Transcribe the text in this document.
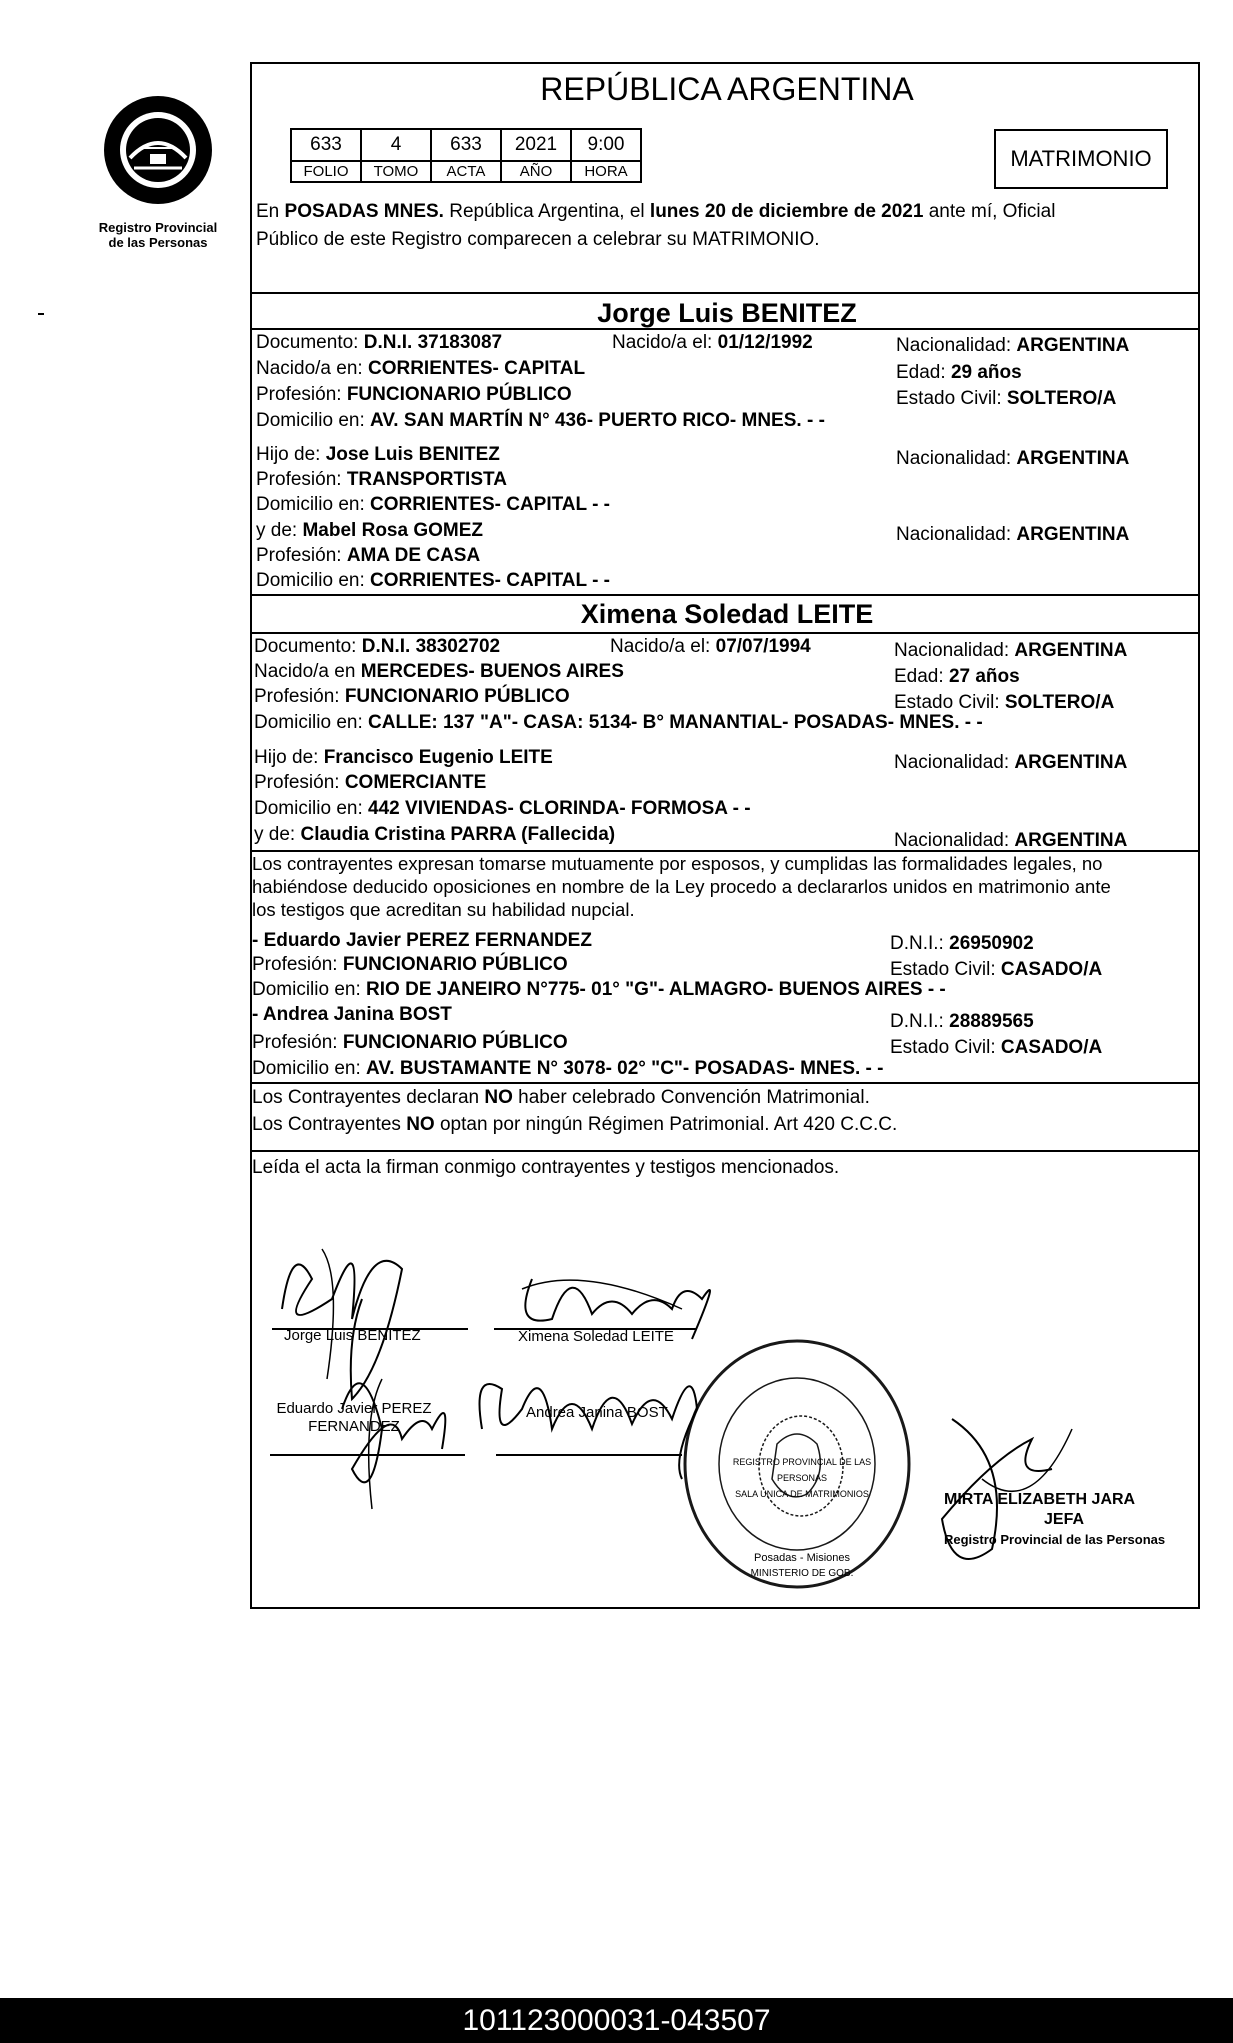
Registro Provincial
de las Personas
REPÚBLICA ARGENTINA
633	4	633	2021	9:00
FOLIO	TOMO	ACTA	AÑO	HORA
MATRIMONIO
En POSADAS MNES. República Argentina, el lunes 20 de diciembre de 2021 ante mí, Oficial
Público de este Registro comparecen a celebrar su MATRIMONIO.
Jorge Luis BENITEZ
Documento: D.N.I. 37183087	Nacido/a el: 01/12/1992	Nacionalidad: ARGENTINA
Nacido/a en: CORRIENTES- CAPITAL	Edad: 29 años
Profesión: FUNCIONARIO PÚBLICO	Estado Civil: SOLTERO/A
Domicilio en: AV. SAN MARTÍN N° 436- PUERTO RICO- MNES. - -
Hijo de: Jose Luis BENITEZ	Nacionalidad: ARGENTINA
Profesión: TRANSPORTISTA
Domicilio en: CORRIENTES- CAPITAL - -
y de: Mabel Rosa GOMEZ	Nacionalidad: ARGENTINA
Profesión: AMA DE CASA
Domicilio en: CORRIENTES- CAPITAL - -
Ximena Soledad LEITE
Documento: D.N.I. 38302702	Nacido/a el: 07/07/1994	Nacionalidad: ARGENTINA
Nacido/a en MERCEDES- BUENOS AIRES	Edad: 27 años
Profesión: FUNCIONARIO PÚBLICO	Estado Civil: SOLTERO/A
Domicilio en: CALLE: 137 "A"- CASA: 5134- B° MANANTIAL- POSADAS- MNES. - -
Hijo de: Francisco Eugenio LEITE	Nacionalidad: ARGENTINA
Profesión: COMERCIANTE
Domicilio en: 442 VIVIENDAS- CLORINDA- FORMOSA - -
y de: Claudia Cristina PARRA (Fallecida)	Nacionalidad: ARGENTINA
Los contrayentes expresan tomarse mutuamente por esposos, y cumplidas las formalidades legales, no
habiéndose deducido oposiciones en nombre de la Ley procedo a declararlos unidos en matrimonio ante
los testigos que acreditan su habilidad nupcial.
- Eduardo Javier PEREZ FERNANDEZ	D.N.I.: 26950902
Profesión: FUNCIONARIO PÚBLICO	Estado Civil: CASADO/A
Domicilio en: RIO DE JANEIRO N°775- 01° "G"- ALMAGRO- BUENOS AIRES - -
- Andrea Janina BOST	D.N.I.: 28889565
Profesión: FUNCIONARIO PÚBLICO	Estado Civil: CASADO/A
Domicilio en: AV. BUSTAMANTE N° 3078- 02° "C"- POSADAS- MNES. - -
Los Contrayentes declaran NO haber celebrado Convención Matrimonial.
Los Contrayentes NO optan por ningún Régimen Patrimonial. Art 420 C.C.C.
Leída el acta la firman conmigo contrayentes y testigos mencionados.
Jorge Luis BENITEZ	Ximena Soledad LEITE
Eduardo Javier PEREZ
FERNANDEZ
Andrea Janina BOST
MIRTA ELIZABETH JARA
JEFA
Registro Provincial de las Personas
REGISTRO PROVINCIAL DE LAS PERSONAS
SALA UNICA DE MATRIMONIOS
Posadas - Misiones
MINISTERIO DE GOB.
101123000031-043507
